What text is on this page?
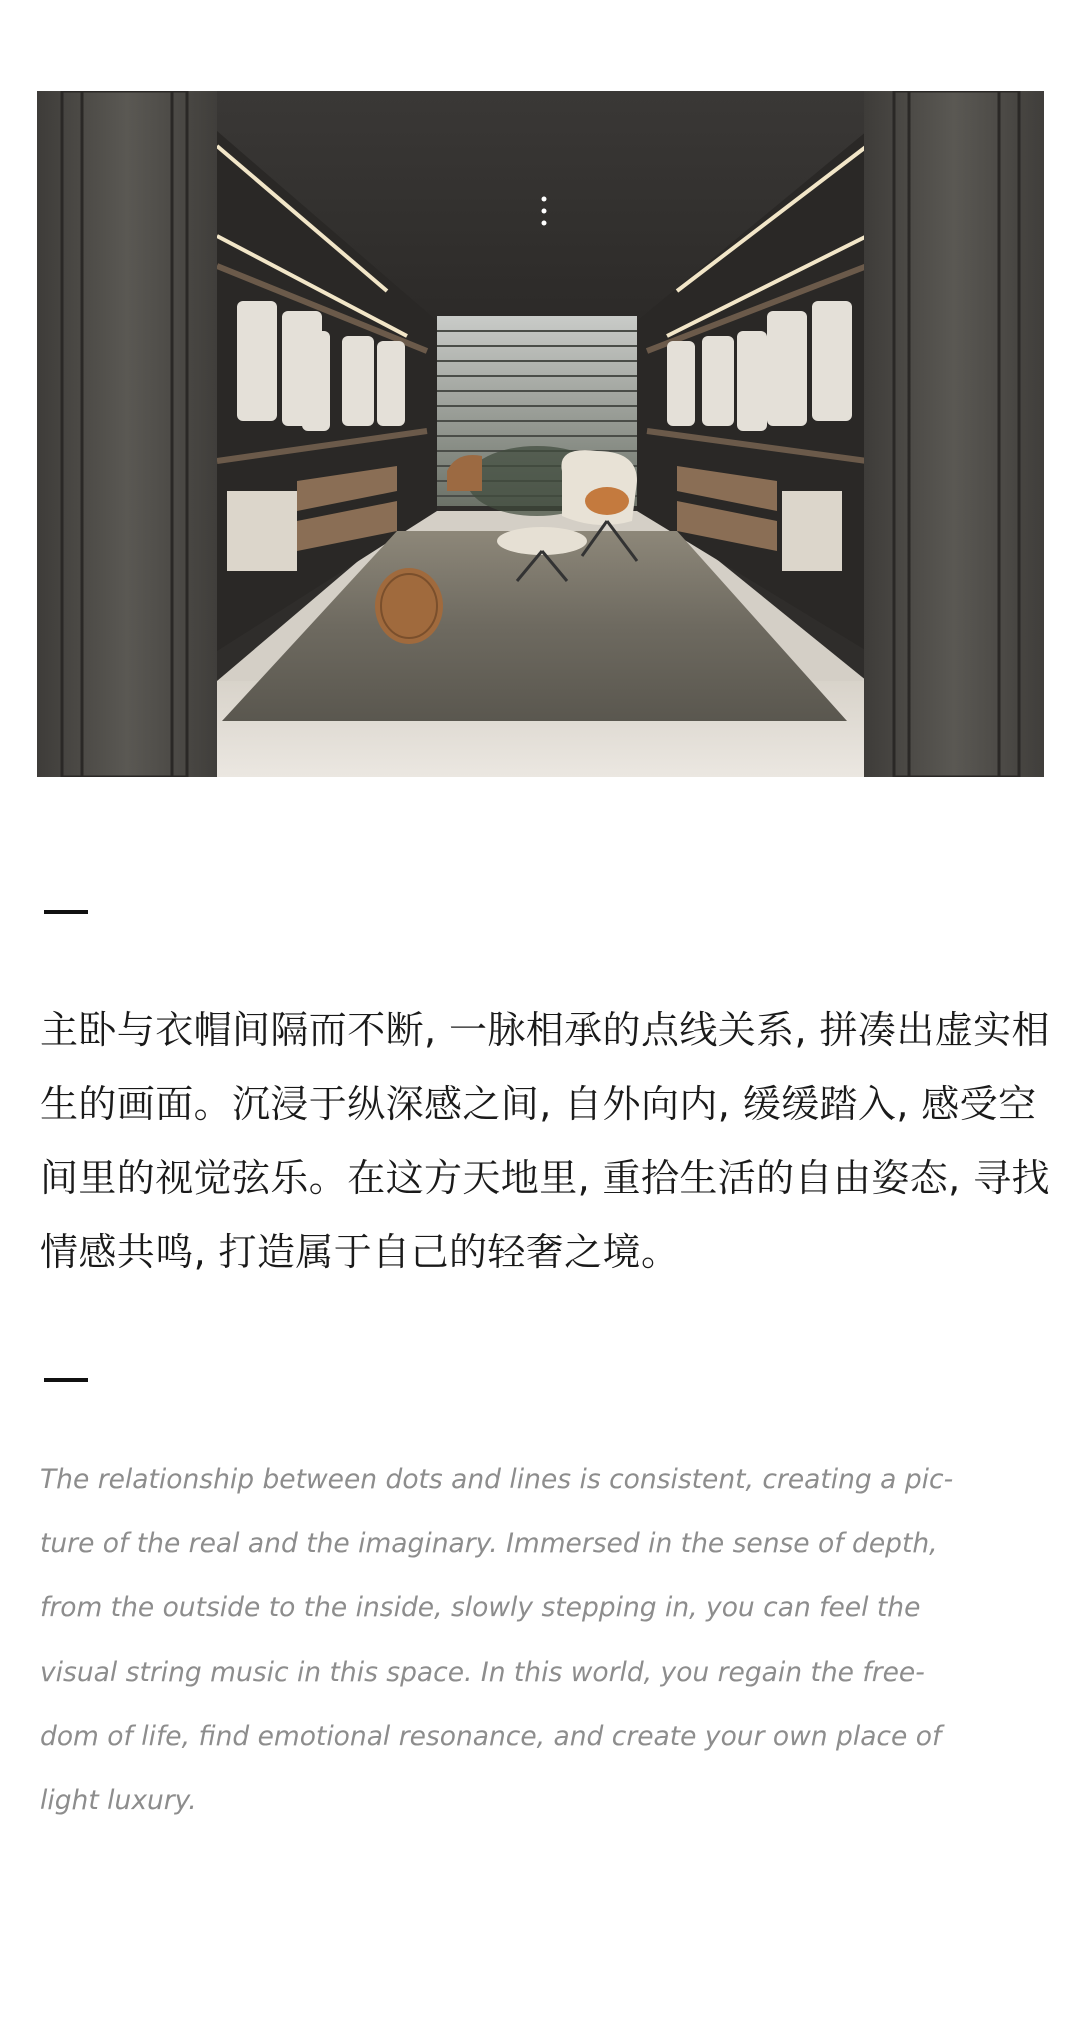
主卧与衣帽间隔而不断, 一脉相承的点线关系, 拼凑出虚实相生的画面。沉浸于纵深感之间, 自外向内, 缓缓踏入, 感受空间里的视觉弦乐。在这方天地里, 重拾生活的自由姿态, 寻找情感共鸣, 打造属于自己的轻奢之境。

The relationship between dots and lines is consistent, creating a pic-
ture of the real and the imaginary. Immersed in the sense of depth,
from the outside to the inside, slowly stepping in, you can feel the
visual string music in this space. In this world, you regain the free-
dom of life, find emotional resonance, and create your own place of
light luxury.
